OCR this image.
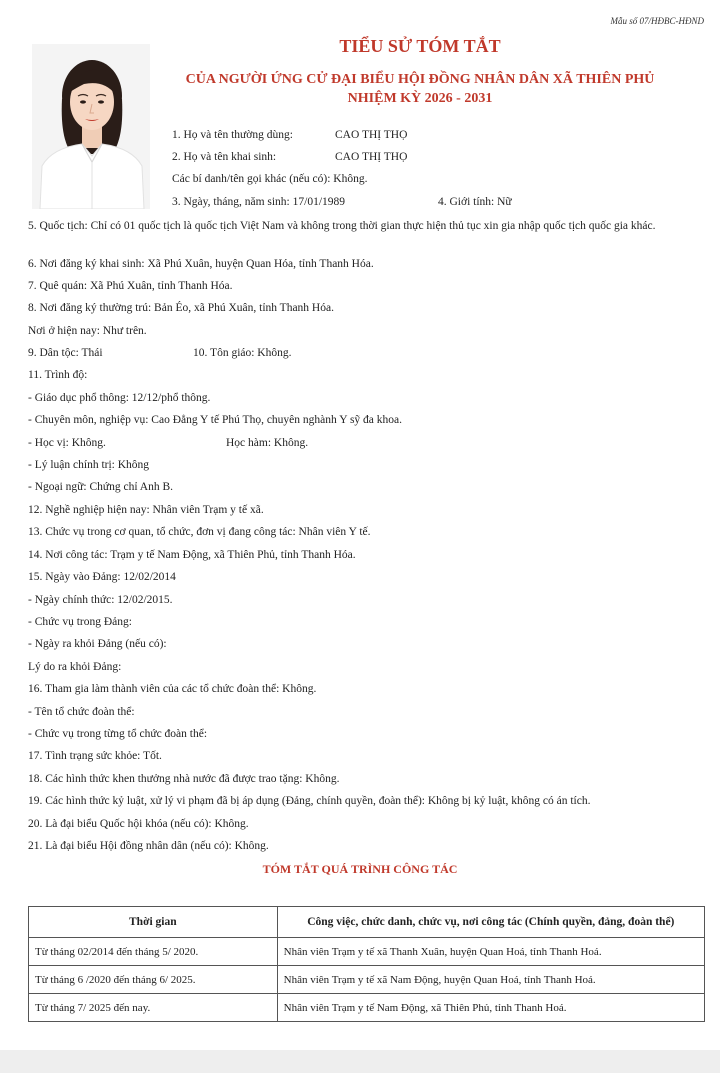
Mẫu số 07/HĐBC-HĐND
TIỂU SỬ TÓM TẮT
CỦA NGƯỜI ỨNG CỬ ĐẠI BIỂU HỘI ĐỒNG NHÂN DÂN XÃ THIÊN PHỦ
NHIỆM KỲ 2026 - 2031
1. Họ và tên thường dùng:	CAO THỊ THỌ
2. Họ và tên khai sinh:	CAO THỊ THỌ
Các bí danh/tên gọi khác (nếu có): Không.
3. Ngày, tháng, năm sinh: 17/01/1989	4. Giới tính: Nữ
5. Quốc tịch: Chỉ có 01 quốc tịch là quốc tịch Việt Nam và không trong thời gian thực hiện thủ tục xin gia nhập quốc tịch quốc gia khác.
6. Nơi đăng ký khai sinh: Xã Phú Xuân, huyện Quan Hóa, tỉnh Thanh Hóa.
7. Quê quán: Xã Phú Xuân, tỉnh Thanh Hóa.
8. Nơi đăng ký thường trú: Bản Éo, xã Phú Xuân, tỉnh Thanh Hóa.
Nơi ở hiện nay: Như trên.
9. Dân tộc: Thái	10. Tôn giáo: Không.
11. Trình độ:
- Giáo dục phổ thông: 12/12/phổ thông.
- Chuyên môn, nghiệp vụ: Cao Đẳng Y tế Phú Thọ, chuyên nghành Y sỹ đa khoa.
- Học vị: Không.	Học hàm: Không.
- Lý luận chính trị: Không
- Ngoại ngữ: Chứng chỉ Anh B.
12. Nghề nghiệp hiện nay: Nhân viên Trạm y tế xã.
13. Chức vụ trong cơ quan, tổ chức, đơn vị đang công tác: Nhân viên Y tế.
14. Nơi công tác: Trạm y tế Nam Động, xã Thiên Phủ, tỉnh Thanh Hóa.
15. Ngày vào Đảng: 12/02/2014
- Ngày chính thức: 12/02/2015.
- Chức vụ trong Đảng:
- Ngày ra khỏi Đảng (nếu có):
Lý do ra khỏi Đảng:
16. Tham gia làm thành viên của các tổ chức đoàn thể: Không.
- Tên tổ chức đoàn thể:
- Chức vụ trong từng tổ chức đoàn thể:
17. Tình trạng sức khỏe: Tốt.
18. Các hình thức khen thưởng nhà nước đã được trao tặng: Không.
19. Các hình thức kỷ luật, xử lý vi phạm đã bị áp dụng (Đảng, chính quyền, đoàn thể): Không bị kỷ luật, không có án tích.
20. Là đại biểu Quốc hội khóa (nếu có): Không.
21. Là đại biểu Hội đồng nhân dân (nếu có): Không.
TÓM TẮT QUÁ TRÌNH CÔNG TÁC
Thời gian	Công việc, chức danh, chức vụ, nơi công tác (Chính quyền, đảng, đoàn thể)
Từ tháng 02/2014 đến tháng 5/ 2020.	Nhân viên Trạm y tế xã Thanh Xuân, huyện Quan Hoá, tỉnh Thanh Hoá.
Từ tháng 6 /2020 đến tháng 6/ 2025.	Nhân viên Trạm y tế xã Nam Động, huyện Quan Hoá, tỉnh Thanh Hoá.
Từ tháng 7/ 2025 đến nay.	Nhân viên Trạm y tế Nam Động, xã Thiên Phủ, tỉnh Thanh Hoá.
